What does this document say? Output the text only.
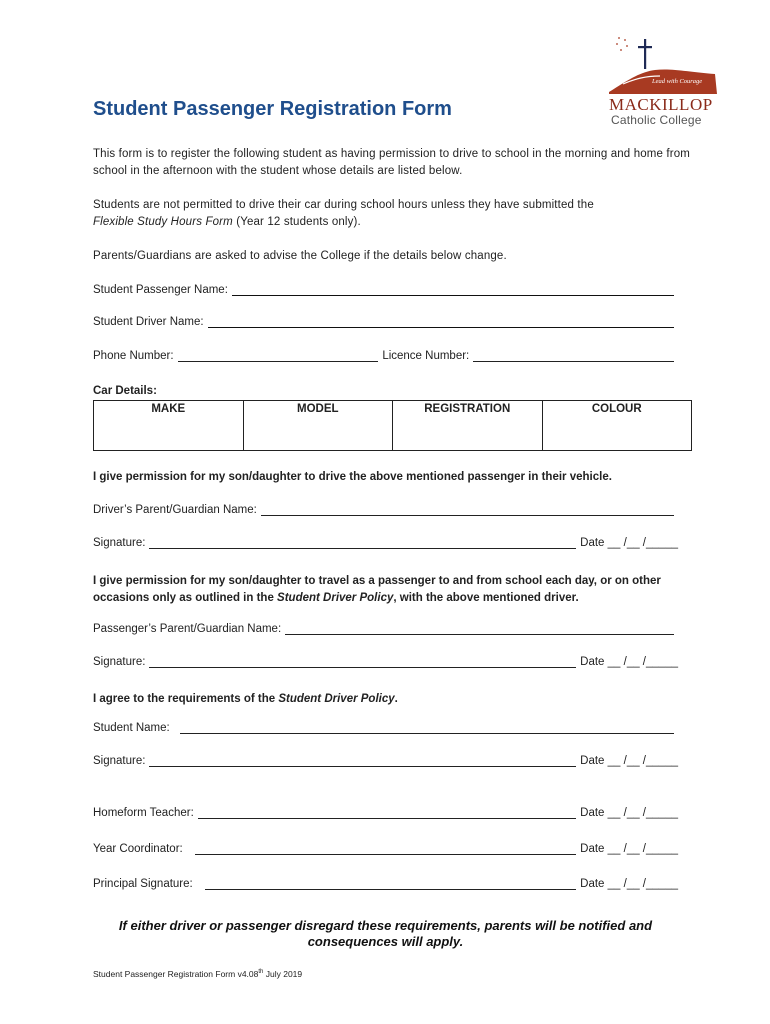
Lead with Courage
MACKILLOP
Catholic College
Student Passenger Registration Form
This form is to register the following student as having permission to drive to school in the morning and home from school in the afternoon with the student whose details are listed below.
Students are not permitted to drive their car during school hours unless they have submitted the
Flexible Study Hours Form (Year 12 students only).
Parents/Guardians are asked to advise the College if the details below change.
Student Passenger Name:
Student Driver Name:
Phone Number:	Licence Number:
Car Details:
MAKE	MODEL	REGISTRATION	COLOUR
I give permission for my son/daughter to drive the above mentioned passenger in their vehicle.
Driver’s Parent/Guardian Name:
Signature:	Date __ /__ /_____
I give permission for my son/daughter to travel as a passenger to and from school each day, or on other occasions only as outlined in the Student Driver Policy, with the above mentioned driver.
Passenger’s Parent/Guardian Name:
Signature:	Date __ /__ /_____
I agree to the requirements of the Student Driver Policy.
Student Name:
Signature:	Date __ /__ /_____
Homeform Teacher:	Date __ /__ /_____
Year Coordinator:	Date __ /__ /_____
Principal Signature:	Date __ /__ /_____
If either driver or passenger disregard these requirements, parents will be notified and consequences will apply.
Student Passenger Registration Form v4.08th July 2019
